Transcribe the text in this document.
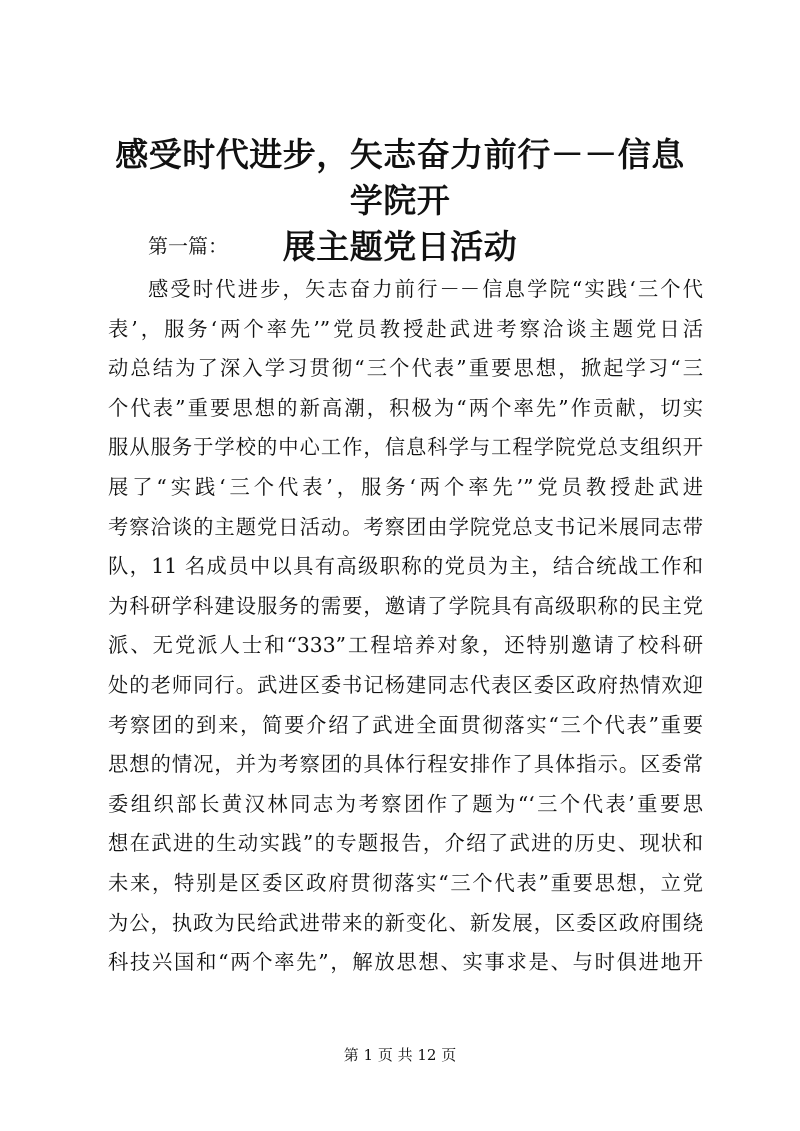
感受时代进步，矢志奋力前行－－信息学院开
展主题党日活动

第一篇：

感受时代进步，矢志奋力前行－－信息学院“实践‘三个代
表’，服务‘两个率先’”党员教授赴武进考察洽谈主题党日活
动总结为了深入学习贯彻“三个代表”重要思想，掀起学习“三
个代表”重要思想的新高潮，积极为“两个率先”作贡献，切实
服从服务于学校的中心工作，信息科学与工程学院党总支组织开
展了“实践‘三个代表’，服务‘两个率先’”党员教授赴武进
考察洽谈的主题党日活动。考察团由学院党总支书记米展同志带
队，11 名成员中以具有高级职称的党员为主，结合统战工作和
为科研学科建设服务的需要，邀请了学院具有高级职称的民主党
派、无党派人士和“333”工程培养对象，还特别邀请了校科研
处的老师同行。武进区委书记杨建同志代表区委区政府热情欢迎
考察团的到来，简要介绍了武进全面贯彻落实“三个代表”重要
思想的情况，并为考察团的具体行程安排作了具体指示。区委常
委组织部长黄汉林同志为考察团作了题为“‘三个代表’重要思
想在武进的生动实践”的专题报告，介绍了武进的历史、现状和
未来，特别是区委区政府贯彻落实“三个代表”重要思想，立党
为公，执政为民给武进带来的新变化、新发展，区委区政府围绕
科技兴国和“两个率先”，解放思想、实事求是、与时俱进地开
第 1 页 共 12 页
